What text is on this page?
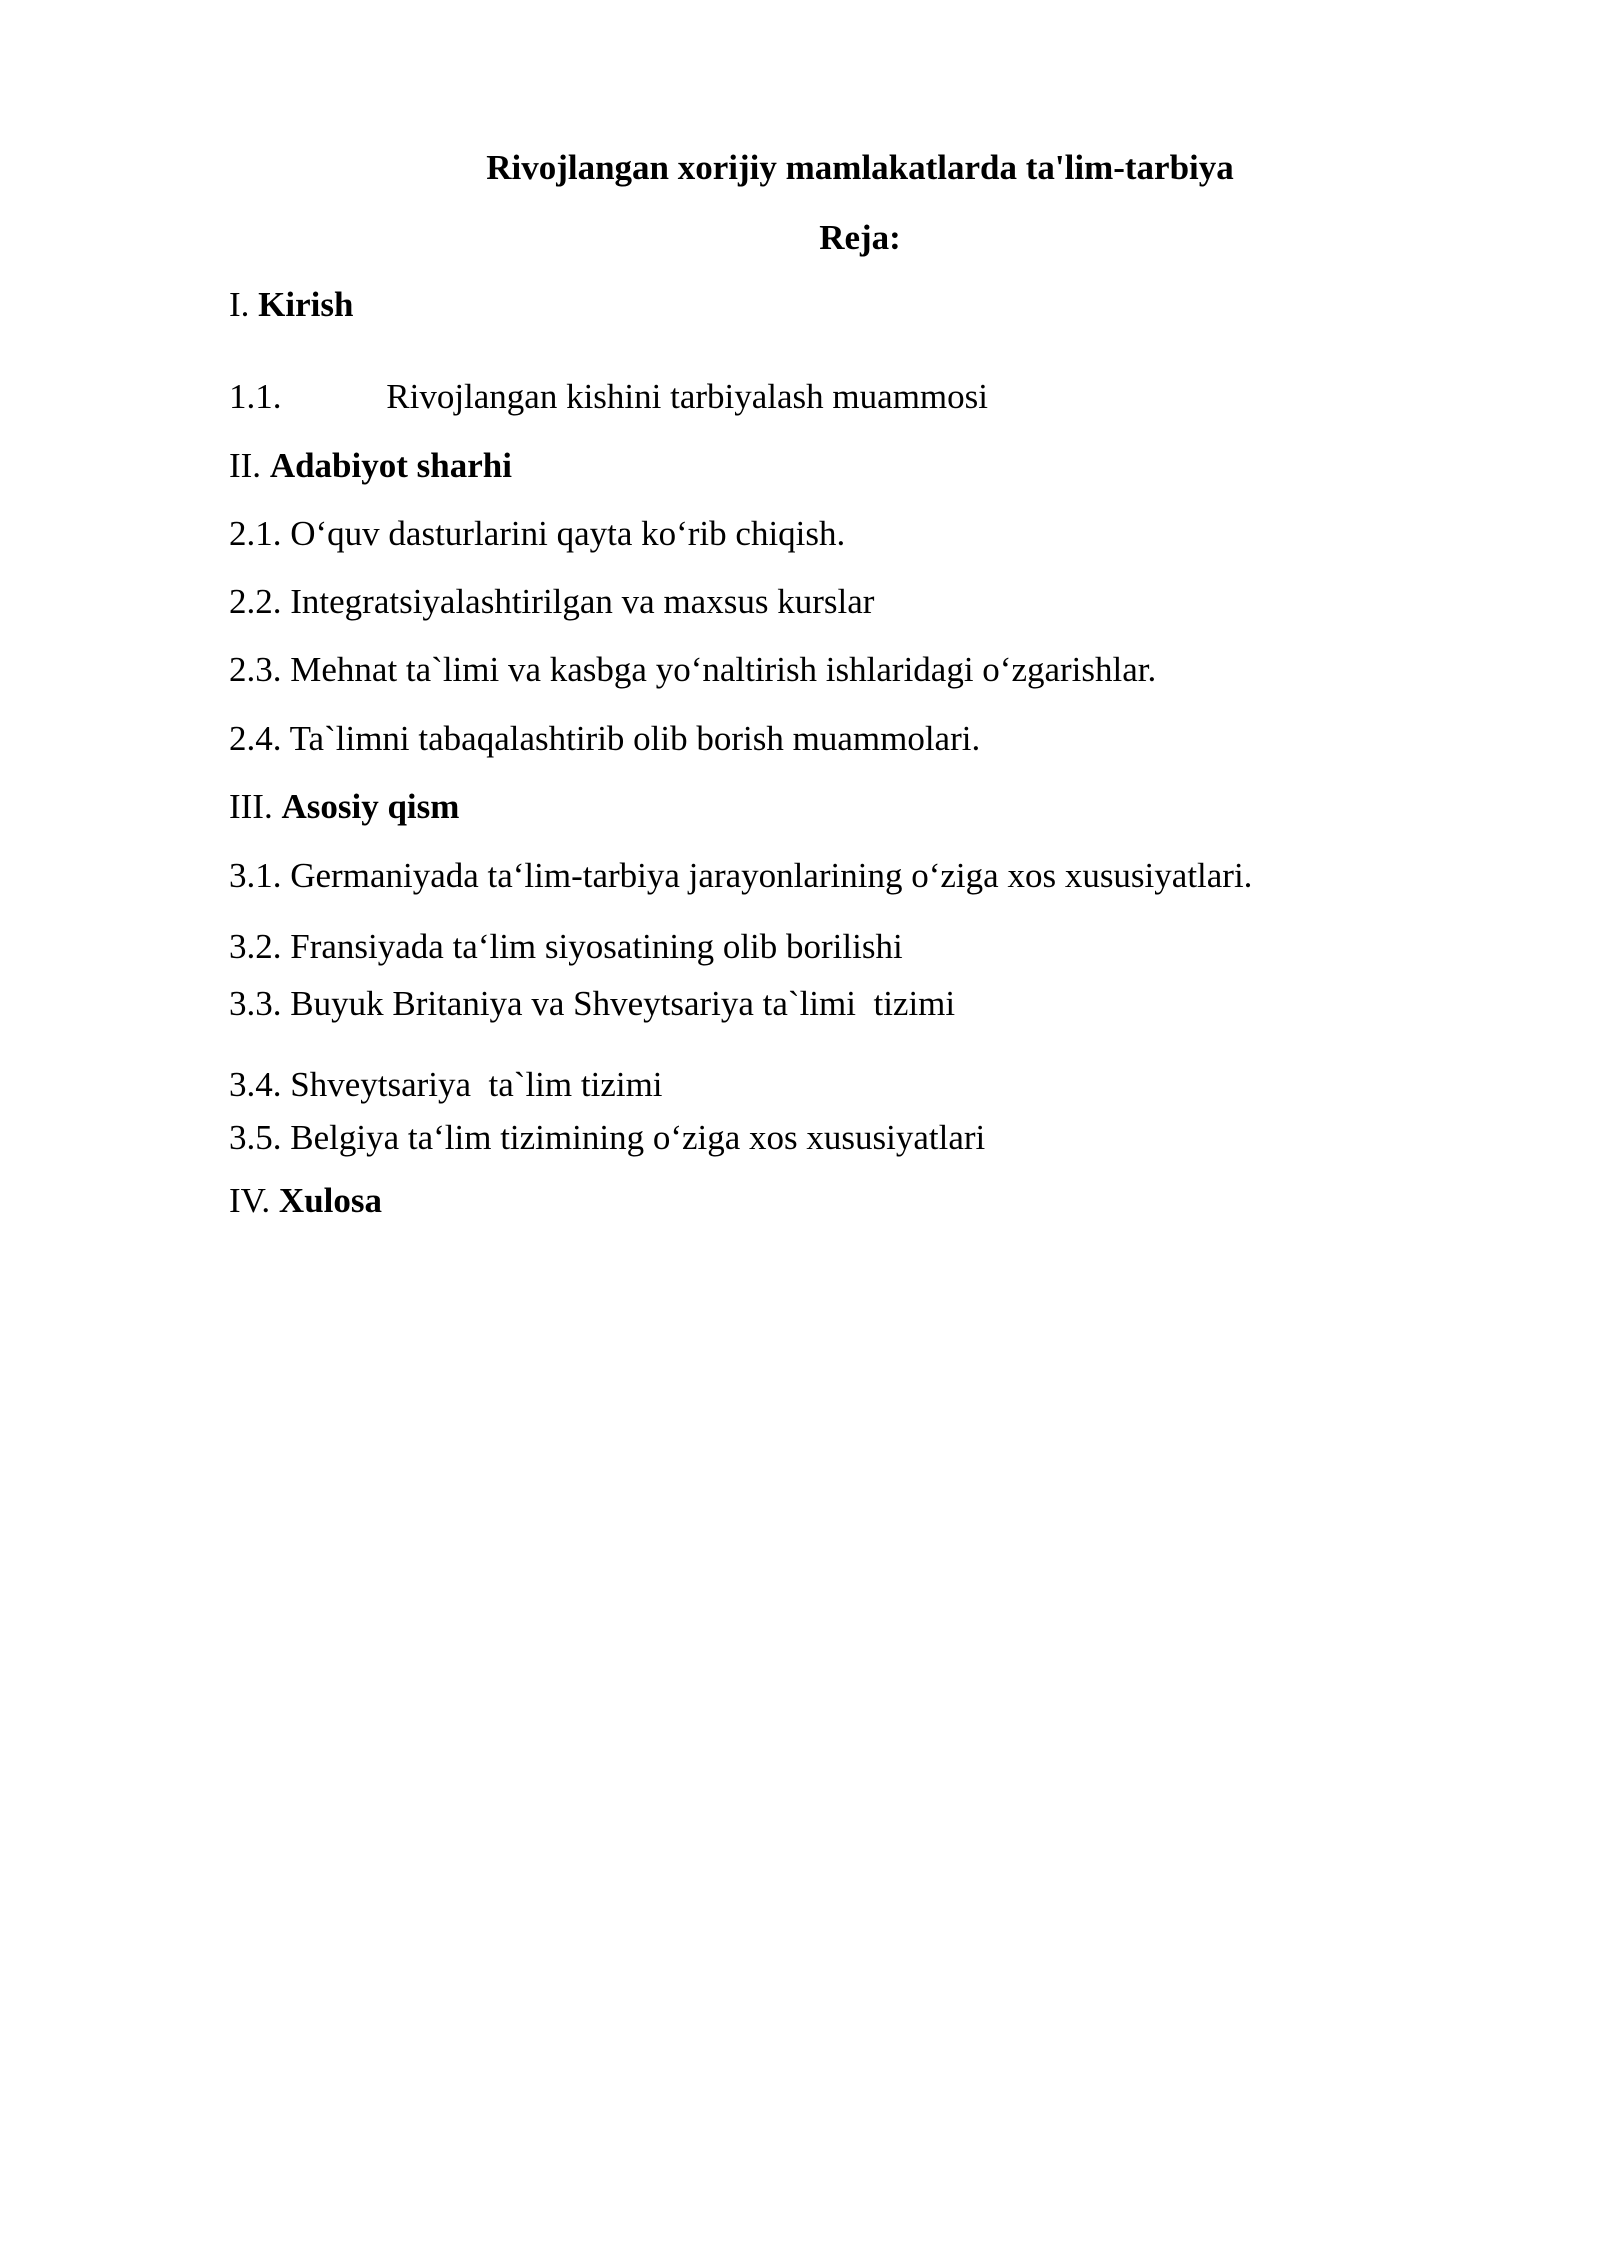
Rivojlangan xorijiy mamlakatlarda ta'lim-tarbiya

Reja:

I. Kirish

1.1.	Rivojlangan kishini tarbiyalash muammosi

II. Adabiyot sharhi

2.1. O‘quv dasturlarini qayta ko‘rib chiqish.

2.2. Integratsiyalashtirilgan va maxsus kurslar

2.3. Mehnat ta`limi va kasbga yo‘naltirish ishlaridagi o‘zgarishlar.

2.4. Ta`limni tabaqalashtirib olib borish muammolari.

III. Asosiy qism

3.1. Germaniyada ta‘lim-tarbiya jarayonlarining o‘ziga xos xususiyatlari.

3.2. Fransiyada ta‘lim siyosatining olib borilishi

3.3. Buyuk Britaniya va Shveytsariya ta`limi  tizimi

3.4. Shveytsariya  ta`lim tizimi

3.5. Belgiya ta‘lim tizimining o‘ziga xos xususiyatlari

IV. Xulosa
